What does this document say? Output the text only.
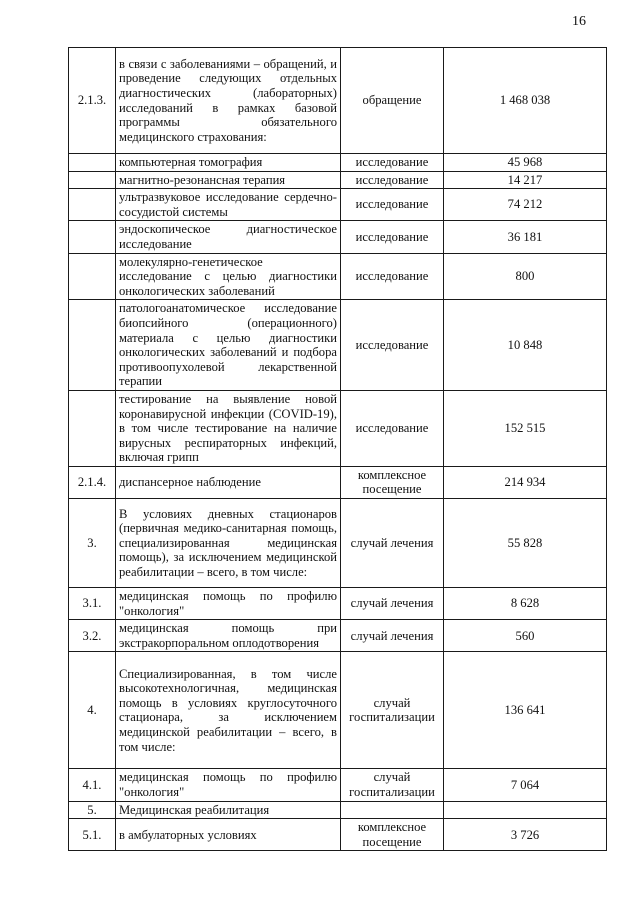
16
2.1.3.	в связи с заболеваниями – обращений, и проведение следующих отдельных диагностических (лабораторных) исследований в рамках базовой программы обязательного медицинского страхования:	обращение	1 468 038
	компьютерная томография	исследование	45 968
	магнитно-резонансная терапия	исследование	14 217
	ультразвуковое исследование сердечно-сосудистой системы	исследование	74 212
	эндоскопическое диагностическое исследование	исследование	36 181
	молекулярно-генетическое исследование с целью диагностики онкологических заболеваний	исследование	800
	патологоанатомическое исследование биопсийного (операционного) материала с целью диагностики онкологических заболеваний и подбора противоопухолевой лекарственной терапии	исследование	10 848
	тестирование на выявление новой коронавирусной инфекции (COVID-19), в том числе тестирование на наличие вирусных респираторных инфекций, включая грипп	исследование	152 515
2.1.4.	диспансерное наблюдение	комплексное посещение	214 934
3.	В условиях дневных стационаров (первичная медико-санитарная помощь, специализированная медицинская помощь), за исключением медицинской реабилитации – всего, в том числе:	случай лечения	55 828
3.1.	медицинская помощь по профилю "онкология"	случай лечения	8 628
3.2.	медицинская помощь при экстракорпоральном оплодотворения	случай лечения	560
4.	Специализированная, в том числе высокотехнологичная, медицинская помощь в условиях круглосуточного стационара, за исключением медицинской реабилитации – всего, в том числе:	случай госпитализации	136 641
4.1.	медицинская помощь по профилю "онкология"	случай госпитализации	7 064
5.	Медицинская реабилитация		
5.1.	в амбулаторных условиях	комплексное посещение	3 726
